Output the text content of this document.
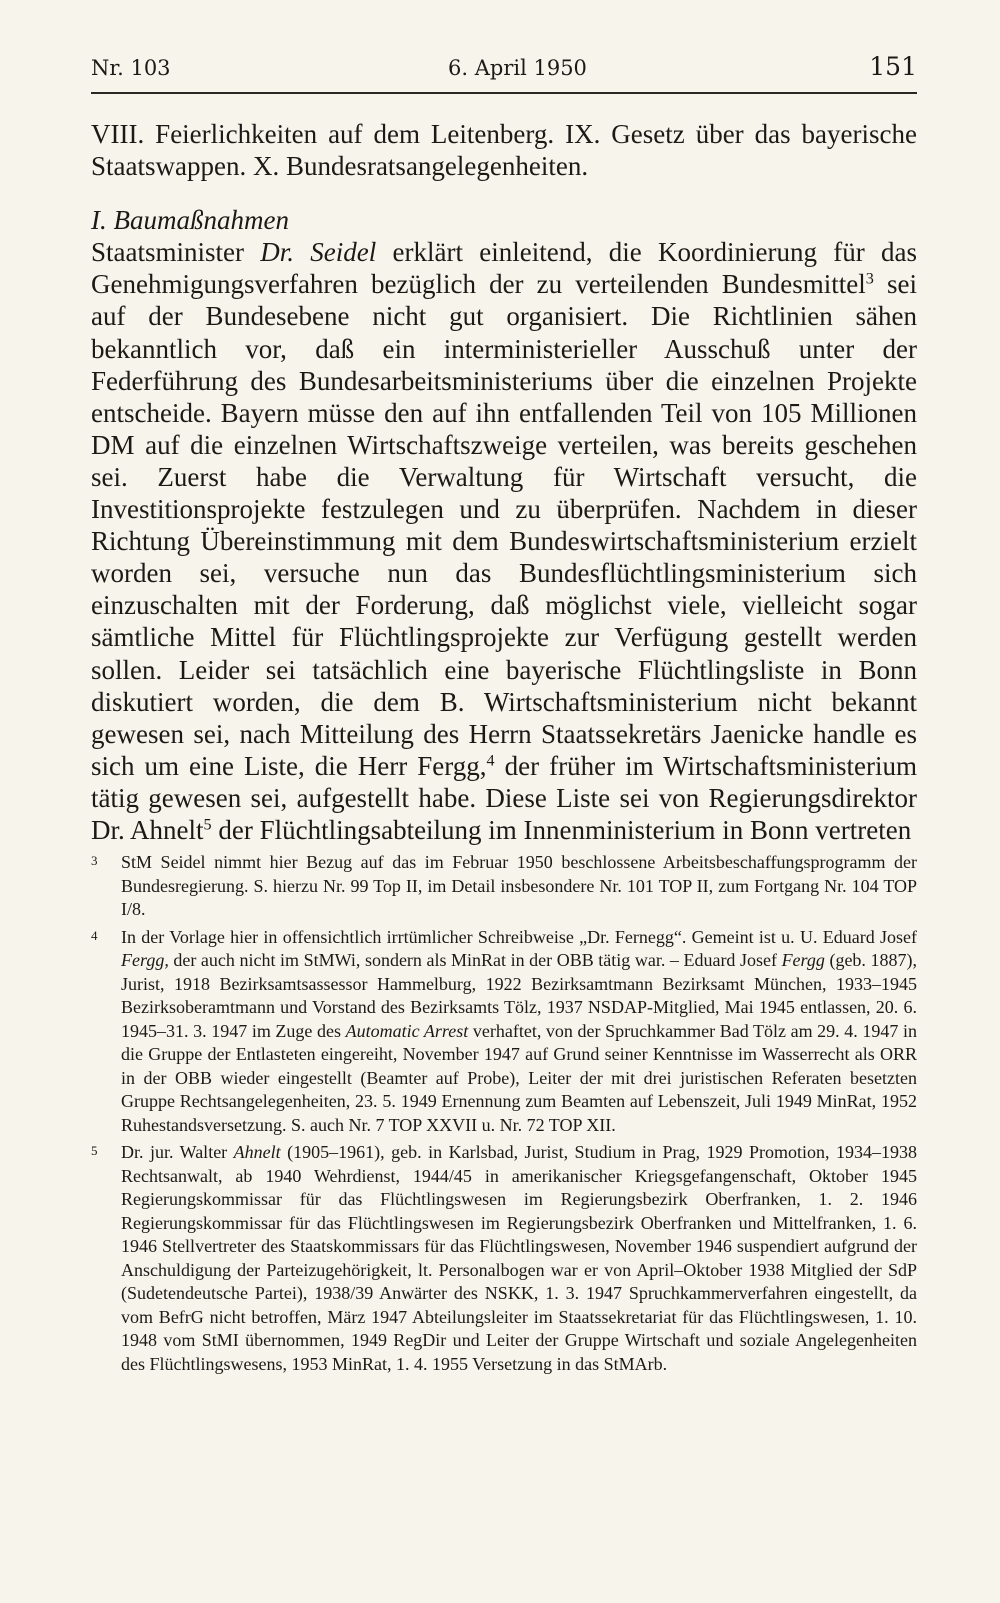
Nr. 103	6. April 1950	151

VIII. Feierlichkeiten auf dem Leitenberg. IX. Gesetz über das bayerische Staatswappen. X. Bundesratsangelegenheiten.

I. Baumaßnahmen

Staatsminister Dr. Seidel erklärt einleitend, die Koordinierung für das Genehmigungsverfahren bezüglich der zu verteilenden Bundesmittel$^3$ sei auf der Bundesebene nicht gut organisiert. Die Richtlinien sähen bekanntlich vor, daß ein interministerieller Ausschuß unter der Federführung des Bundesarbeitsministeriums über die einzelnen Projekte entscheide. Bayern müsse den auf ihn entfallenden Teil von 105 Millionen DM auf die einzelnen Wirtschaftszweige verteilen, was bereits geschehen sei. Zuerst habe die Verwaltung für Wirtschaft versucht, die Investitionsprojekte festzulegen und zu überprüfen. Nachdem in dieser Richtung Übereinstimmung mit dem Bundeswirtschaftsministerium erzielt worden sei, versuche nun das Bundesflüchtlingsministerium sich einzuschalten mit der Forderung, daß möglichst viele, vielleicht sogar sämtliche Mittel für Flüchtlingsprojekte zur Verfügung gestellt werden sollen. Leider sei tatsächlich eine bayerische Flüchtlingsliste in Bonn diskutiert worden, die dem B. Wirtschaftsministerium nicht bekannt gewesen sei, nach Mitteilung des Herrn Staatssekretärs Jaenicke handle es sich um eine Liste, die Herr Fergg,$^4$ der früher im Wirtschaftsministerium tätig gewesen sei, aufgestellt habe. Diese Liste sei von Regierungsdirektor Dr. Ahnelt$^5$ der Flüchtlingsabteilung im Innenministerium in Bonn vertreten

3 StM Seidel nimmt hier Bezug auf das im Februar 1950 beschlossene Arbeitsbeschaffungsprogramm der Bundesregierung. S. hierzu Nr. 99 Top II, im Detail insbesondere Nr. 101 TOP II, zum Fortgang Nr. 104 TOP I/8.

4 In der Vorlage hier in offensichtlich irrtümlicher Schreibweise „Dr. Fernegg“. Gemeint ist u. U. Eduard Josef Fergg, der auch nicht im StMWi, sondern als MinRat in der OBB tätig war. – Eduard Josef Fergg (geb. 1887), Jurist, 1918 Bezirksamtsassessor Hammelburg, 1922 Bezirksamtmann Bezirksamt München, 1933–1945 Bezirksoberamtmann und Vorstand des Bezirksamts Tölz, 1937 NSDAP-Mitglied, Mai 1945 entlassen, 20. 6. 1945–31. 3. 1947 im Zuge des Automatic Arrest verhaftet, von der Spruchkammer Bad Tölz am 29. 4. 1947 in die Gruppe der Entlasteten eingereiht, November 1947 auf Grund seiner Kenntnisse im Wasserrecht als ORR in der OBB wieder eingestellt (Beamter auf Probe), Leiter der mit drei juristischen Referaten besetzten Gruppe Rechtsangelegenheiten, 23. 5. 1949 Ernennung zum Beamten auf Lebenszeit, Juli 1949 MinRat, 1952 Ruhestandsversetzung. S. auch Nr. 7 TOP XXVII u. Nr. 72 TOP XII.

5 Dr. jur. Walter Ahnelt (1905–1961), geb. in Karlsbad, Jurist, Studium in Prag, 1929 Promotion, 1934–1938 Rechtsanwalt, ab 1940 Wehrdienst, 1944/45 in amerikanischer Kriegsgefangenschaft, Oktober 1945 Regierungskommissar für das Flüchtlingswesen im Regierungsbezirk Oberfranken, 1. 2. 1946 Regierungskommissar für das Flüchtlingswesen im Regierungsbezirk Oberfranken und Mittelfranken, 1. 6. 1946 Stellvertreter des Staatskommissars für das Flüchtlingswesen, November 1946 suspendiert aufgrund der Anschuldigung der Parteizugehörigkeit, lt. Personalbogen war er von April–Oktober 1938 Mitglied der SdP (Sudetendeutsche Partei), 1938/39 Anwärter des NSKK, 1. 3. 1947 Spruchkammerverfahren eingestellt, da vom BefrG nicht betroffen, März 1947 Abteilungsleiter im Staatssekretariat für das Flüchtlingswesen, 1. 10. 1948 vom StMI übernommen, 1949 RegDir und Leiter der Gruppe Wirtschaft und soziale Angelegenheiten des Flüchtlingswesens, 1953 MinRat, 1. 4. 1955 Versetzung in das StMArb.
